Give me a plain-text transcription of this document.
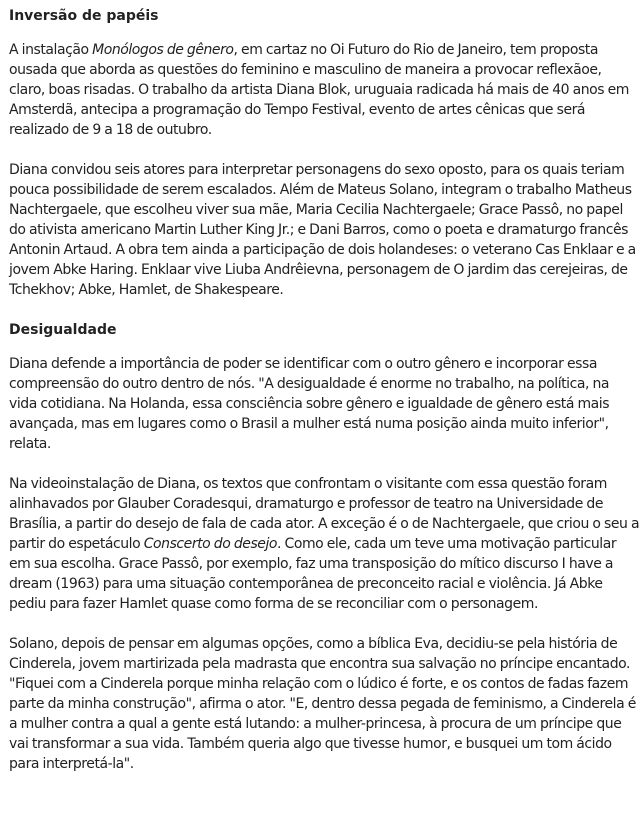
Inversão de papéis

A instalação Monólogos de gênero, em cartaz no Oi Futuro do Rio de Janeiro, tem proposta ousada que aborda as questões do feminino e masculino de maneira a provocar reflexãoe, claro, boas risadas. O trabalho da artista Diana Blok, uruguaia radicada há mais de 40 anos em Amsterdã, antecipa a programação do Tempo Festival, evento de artes cênicas que será realizado de 9 a 18 de outubro.

Diana convidou seis atores para interpretar personagens do sexo oposto, para os quais teriam pouca possibilidade de serem escalados. Além de Mateus Solano, integram o trabalho Matheus Nachtergaele, que escolheu viver sua mãe, Maria Cecilia Nachtergaele; Grace Passô, no papel do ativista americano Martin Luther King Jr.; e Dani Barros, como o poeta e dramaturgo francês Antonin Artaud. A obra tem ainda a participação de dois holandeses: o veterano Cas Enklaar e a jovem Abke Haring. Enklaar vive Liuba Andrêievna, personagem de O jardim das cerejeiras, de Tchekhov; Abke, Hamlet, de Shakespeare.

Desigualdade

Diana defende a importância de poder se identificar com o outro gênero e incorporar essa compreensão do outro dentro de nós. "A desigualdade é enorme no trabalho, na política, na vida cotidiana. Na Holanda, essa consciência sobre gênero e igualdade de gênero está mais avançada, mas em lugares como o Brasil a mulher está numa posição ainda muito inferior", relata.

Na videoinstalação de Diana, os textos que confrontam o visitante com essa questão foram alinhavados por Glauber Coradesqui, dramaturgo e professor de teatro na Universidade de Brasília, a partir do desejo de fala de cada ator. A exceção é o de Nachtergaele, que criou o seu a partir do espetáculo Conscerto do desejo. Como ele, cada um teve uma motivação particular em sua escolha. Grace Passô, por exemplo, faz uma transposição do mítico discurso I have a dream (1963) para uma situação contemporânea de preconceito racial e violência. Já Abke pediu para fazer Hamlet quase como forma de se reconciliar com o personagem.

Solano, depois de pensar em algumas opções, como a bíblica Eva, decidiu-se pela história de Cinderela, jovem martirizada pela madrasta que encontra sua salvação no príncipe encantado. "Fiquei com a Cinderela porque minha relação com o lúdico é forte, e os contos de fadas fazem parte da minha construção", afirma o ator. "E, dentro dessa pegada de feminismo, a Cinderela é a mulher contra a qual a gente está lutando: a mulher-princesa, à procura de um príncipe que vai transformar a sua vida. Também queria algo que tivesse humor, e busquei um tom ácido para interpretá-la".
